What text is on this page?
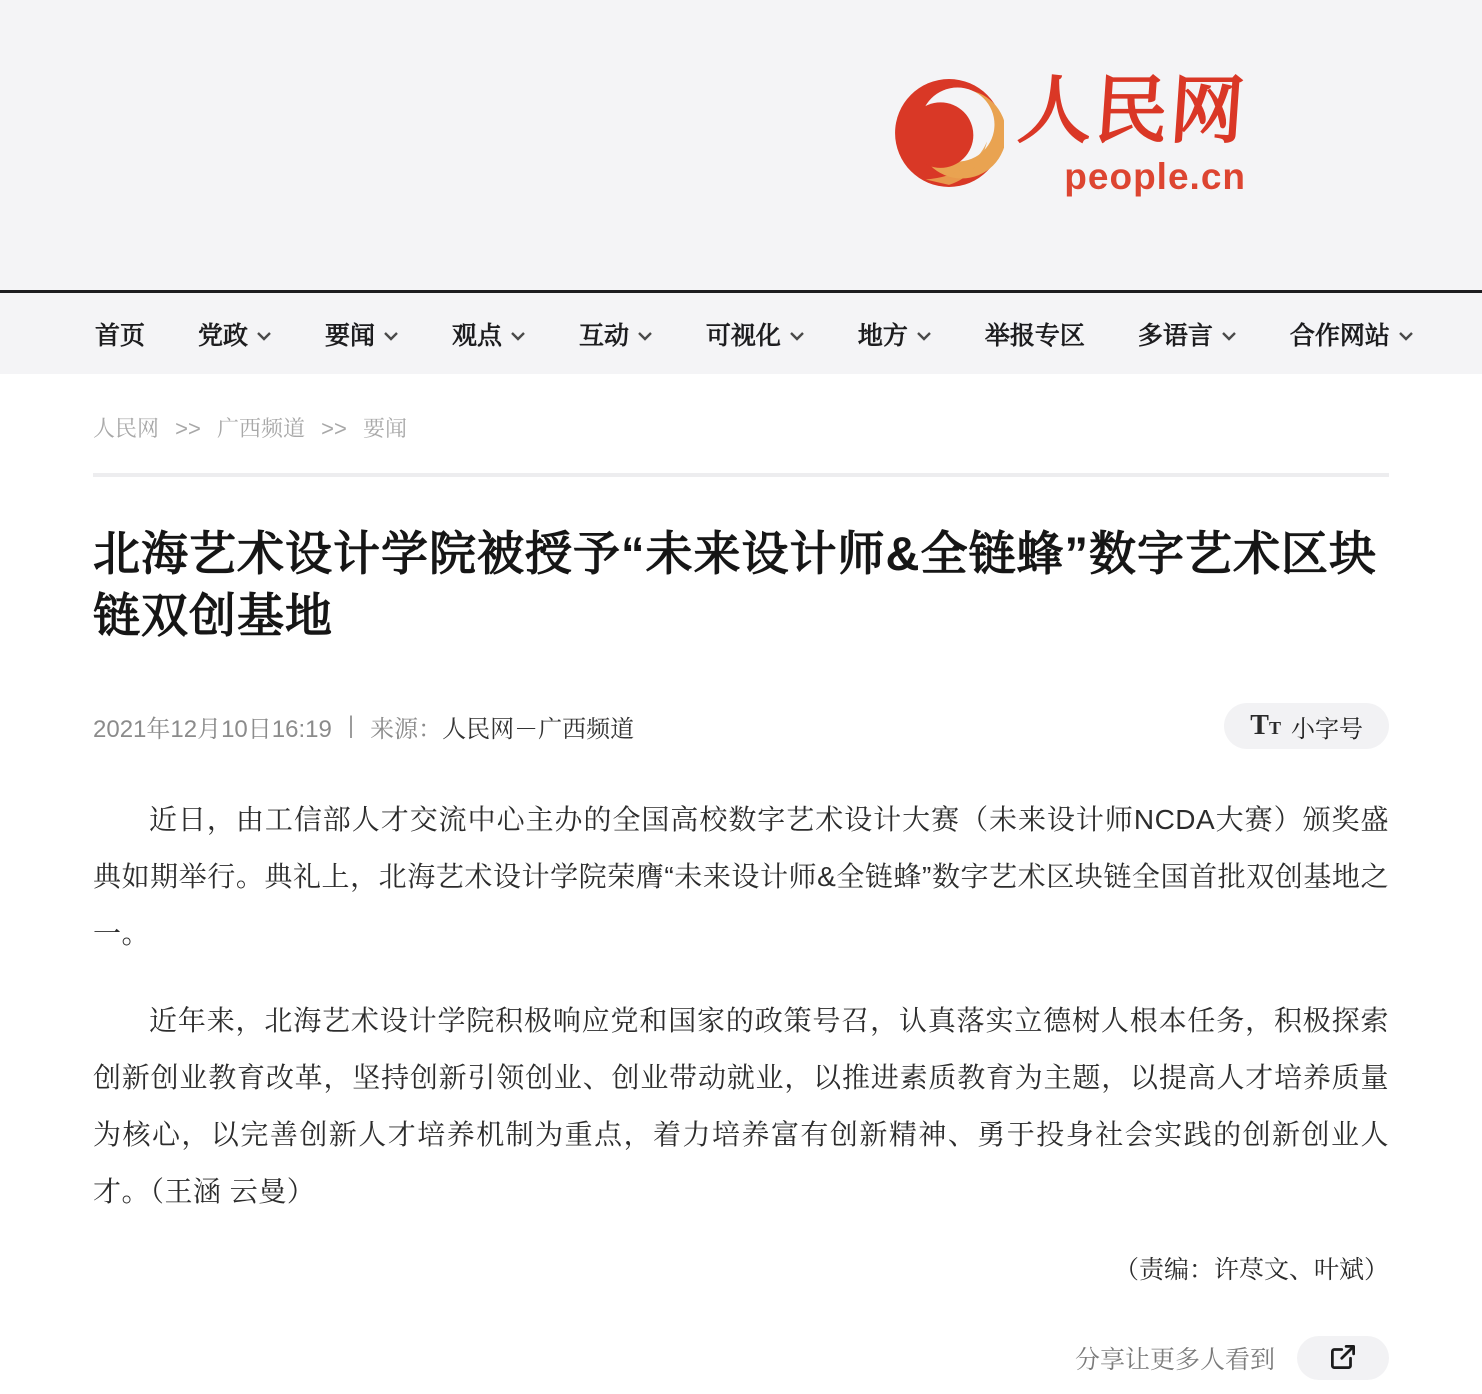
人民网
people.cn
首页 党政	要闻	观点	互动	可视化	地方	举报专区 多语言	合作网站
人民网 >> 广西频道 >> 要闻
北海艺术设计学院被授予“未来设计师&全链蜂”数字艺术区块链双创基地
2021年12月10日16:19 | 来源： 人民网－广西频道	TT 小字号

近日，由工信部人才交流中心主办的全国高校数字艺术设计大赛（未来设计师NCDA大赛）颁奖盛典如期举行。典礼上，北海艺术设计学院荣膺“未来设计师&全链蜂”数字艺术区块链全国首批双创基地之一。

近年来，北海艺术设计学院积极响应党和国家的政策号召，认真落实立德树人根本任务，积极探索创新创业教育改革，坚持创新引领创业、创业带动就业，以推进素质教育为主题，以提高人才培养质量为核心，以完善创新人才培养机制为重点，着力培养富有创新精神、勇于投身社会实践的创新创业人才。（王涵 云曼）

（责编：许荩文、叶斌）
分享让更多人看到
